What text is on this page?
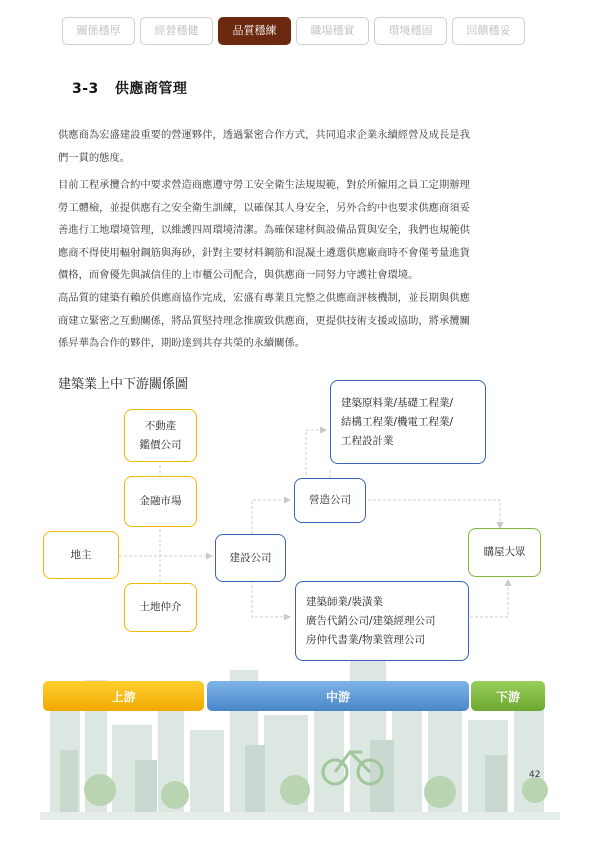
關係穩厚	經營穩健	品質穩練	職場穩實	環境穩固	回饋穩妥
3-3 供應商管理
供應商為宏盛建設重要的營運夥伴，透過緊密合作方式，共同追求企業永續經營及成長是我
們一貫的態度。
目前工程承攬合約中要求營造商應遵守勞工安全衛生法規規範，對於所僱用之員工定期辦理
勞工體檢，並提供應有之安全衛生訓練，以確保其人身安全，另外合約中也要求供應商須妥
善進行工地環境管理，以維護四周環境清潔。為確保建材與設備品質與安全，我們也規範供
應商不得使用輻射鋼筋與海砂，針對主要材料鋼筋和混凝土遴選供應廠商時不會僅考量進貨
價格，而會優先與誠信佳的上市櫃公司配合，與供應商一同努力守護社會環境。
高品質的建築有賴於供應商協作完成，宏盛有專業且完整之供應商評核機制，並長期與供應
商建立緊密之互動關係，將品質堅持理念推廣致供應商，更提供技術支援或協助，將承攬關
係昇華為合作的夥伴，期盼達到共存共榮的永續關係。
建築業上中下游關係圖
地主
不動產
鑑價公司
金融市場
土地仲介
建設公司
營造公司
建築原料業/基礎工程業/
結構工程業/機電工程業/
工程設計業
建築師業/裝潢業
廣告代銷公司/建築經理公司
房仲代書業/物業管理公司
購屋大眾
上游	中游	下游
42
